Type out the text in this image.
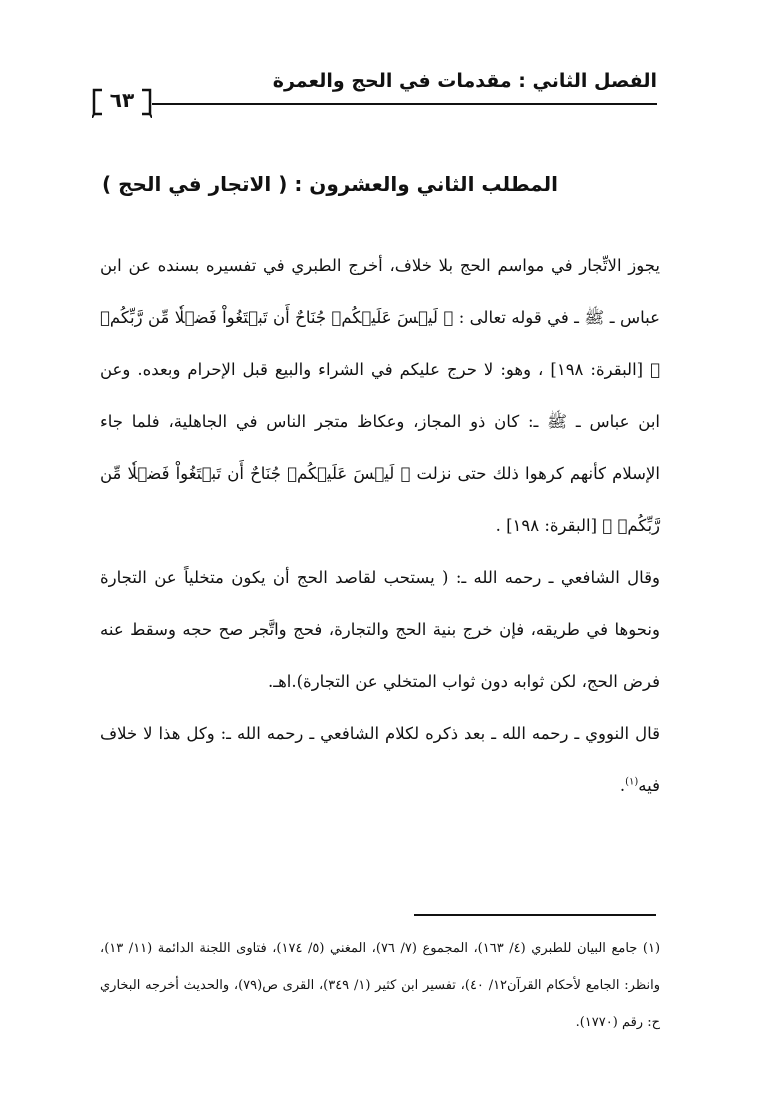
الفصل الثاني : مقدمات في الحج والعمرة
٦٣
المطلب الثاني والعشرون : ( الاتجار في الحج )

يجوز الاتِّجار في مواسم الحج بلا خلاف، أخرج الطبري في تفسيره بسنده عن ابن عباس ـ ﷺ ـ في قوله تعالى : ﴿ لَيۡسَ عَلَيۡكُمۡ جُنَاحٌ أَن تَبۡتَغُواْ فَضۡلٗا مِّن رَّبِّكُمۡ ﴾ [البقرة: ١٩٨] ، وهو: لا حرج عليكم في الشراء والبيع قبل الإحرام وبعده. وعن ابن عباس ـ ﷺ ـ: كان ذو المجاز، وعكاظ متجر الناس في الجاهلية، فلما جاء الإسلام كأنهم كرهوا ذلك حتى نزلت ﴿ لَيۡسَ عَلَيۡكُمۡ جُنَاحٌ أَن تَبۡتَغُواْ فَضۡلٗا مِّن رَّبِّكُمۡ ﴾ [البقرة: ١٩٨] .

وقال الشافعي ـ رحمه الله ـ: ( يستحب لقاصد الحج أن يكون متخلياً عن التجارة ونحوها في طريقه، فإن خرج بنية الحج والتجارة، فحج واتَّجر صح حجه وسقط عنه فرض الحج، لكن ثوابه دون ثواب المتخلي عن التجارة).اهـ.

قال النووي ـ رحمه الله ـ بعد ذكره لكلام الشافعي ـ رحمه الله ـ: وكل هذا لا خلاف فيه$^{(١)}$.

(١) جامع البيان للطبري (٤/ ١٦٣)، المجموع (٧/ ٧٦)، المغني (٥/ ١٧٤)، فتاوى اللجنة الدائمة (١١/ ١٣)، وانظر: الجامع لأحكام القرآن١٢/ ٤٠)، تفسير ابن كثير (١/ ٣٤٩)، القرى ص(٧٩)، والحديث أخرجه البخاري ح: رقم (١٧٧٠).
